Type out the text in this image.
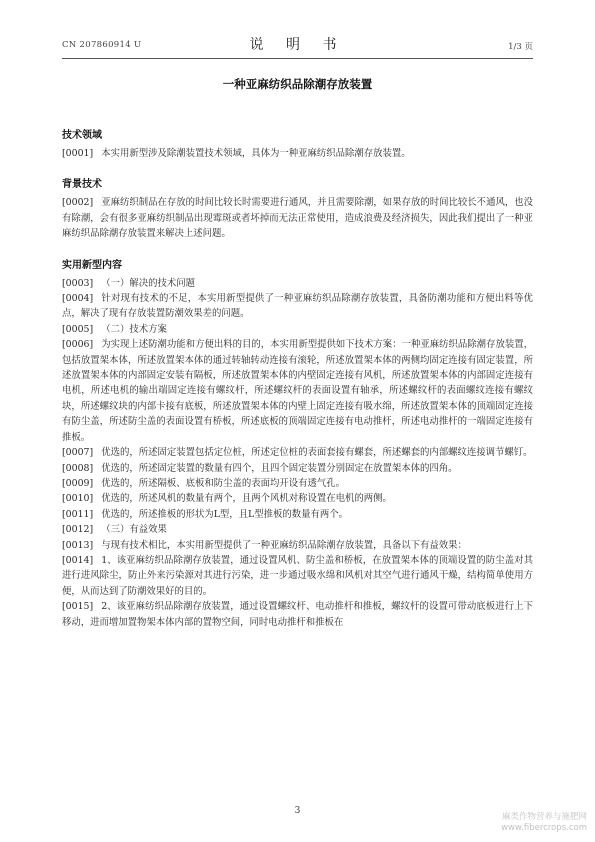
CN 207860914 U	说 明 书	1/3 页
一种亚麻纺织品除潮存放装置
技术领域

[0001] 本实用新型涉及除潮装置技术领域，具体为一种亚麻纺织品除潮存放装置。

背景技术

[0002] 亚麻纺织制品在存放的时间比较长时需要进行通风，并且需要除潮，如果存放的时间比较长不通风，也没有除潮，会有很多亚麻纺织制品出现霉斑或者坏掉而无法正常使用，造成浪费及经济损失，因此我们提出了一种亚麻纺织品除潮存放装置来解决上述问题。

实用新型内容

[0003] （一）解决的技术问题

[0004] 针对现有技术的不足，本实用新型提供了一种亚麻纺织品除潮存放装置，具备防潮功能和方便出料等优点，解决了现有存放装置防潮效果差的问题。

[0005] （二）技术方案

[0006] 为实现上述防潮功能和方便出料的目的，本实用新型提供如下技术方案：一种亚麻纺织品除潮存放装置，包括放置架本体，所述放置架本体的通过转轴转动连接有滚轮，所述放置架本体的两侧均固定连接有固定装置，所述放置架本体的内部固定安装有隔板，所述放置架本体的内壁固定连接有风机，所述放置架本体的内部固定连接有电机，所述电机的输出端固定连接有螺纹杆，所述螺纹杆的表面设置有轴承，所述螺纹杆的表面螺纹连接有螺纹块，所述螺纹块的内部卡接有底板，所述放置架本体的内壁上固定连接有吸水绵，所述放置架本体的顶端固定连接有防尘盖，所述防尘盖的表面设置有桥板，所述底板的顶端固定连接有电动推杆，所述电动推杆的一端固定连接有推板。

[0007] 优选的，所述固定装置包括定位桩，所述定位桩的表面套接有螺套，所述螺套的内部螺纹连接调节螺钉。

[0008] 优选的，所述固定装置的数量有四个，且四个固定装置分别固定在放置架本体的四角。

[0009] 优选的，所述隔板、底板和防尘盖的表面均开设有透气孔。

[0010] 优选的，所述风机的数量有两个，且两个风机对称设置在电机的两侧。

[0011] 优选的，所述推板的形状为L型，且L型推板的数量有两个。

[0012] （三）有益效果

[0013] 与现有技术相比，本实用新型提供了一种亚麻纺织品除潮存放装置，具备以下有益效果：

[0014] 1、该亚麻纺织品除潮存放装置，通过设置风机、防尘盖和桥板，在放置架本体的顶端设置的防尘盖对其进行进风除尘，防止外来污染源对其进行污染，进一步通过吸水绵和风机对其空气进行通风干燥，结构简单使用方便，从而达到了防潮效果好的目的。

[0015] 2、该亚麻纺织品除潮存放装置，通过设置螺纹杆、电动推杆和推板，螺纹杆的设置可带动底板进行上下移动，进而增加置物架本体内部的置物空间，同时电动推杆和推板在

3
麻类作物营养与施肥网
www.fibercrops.com
